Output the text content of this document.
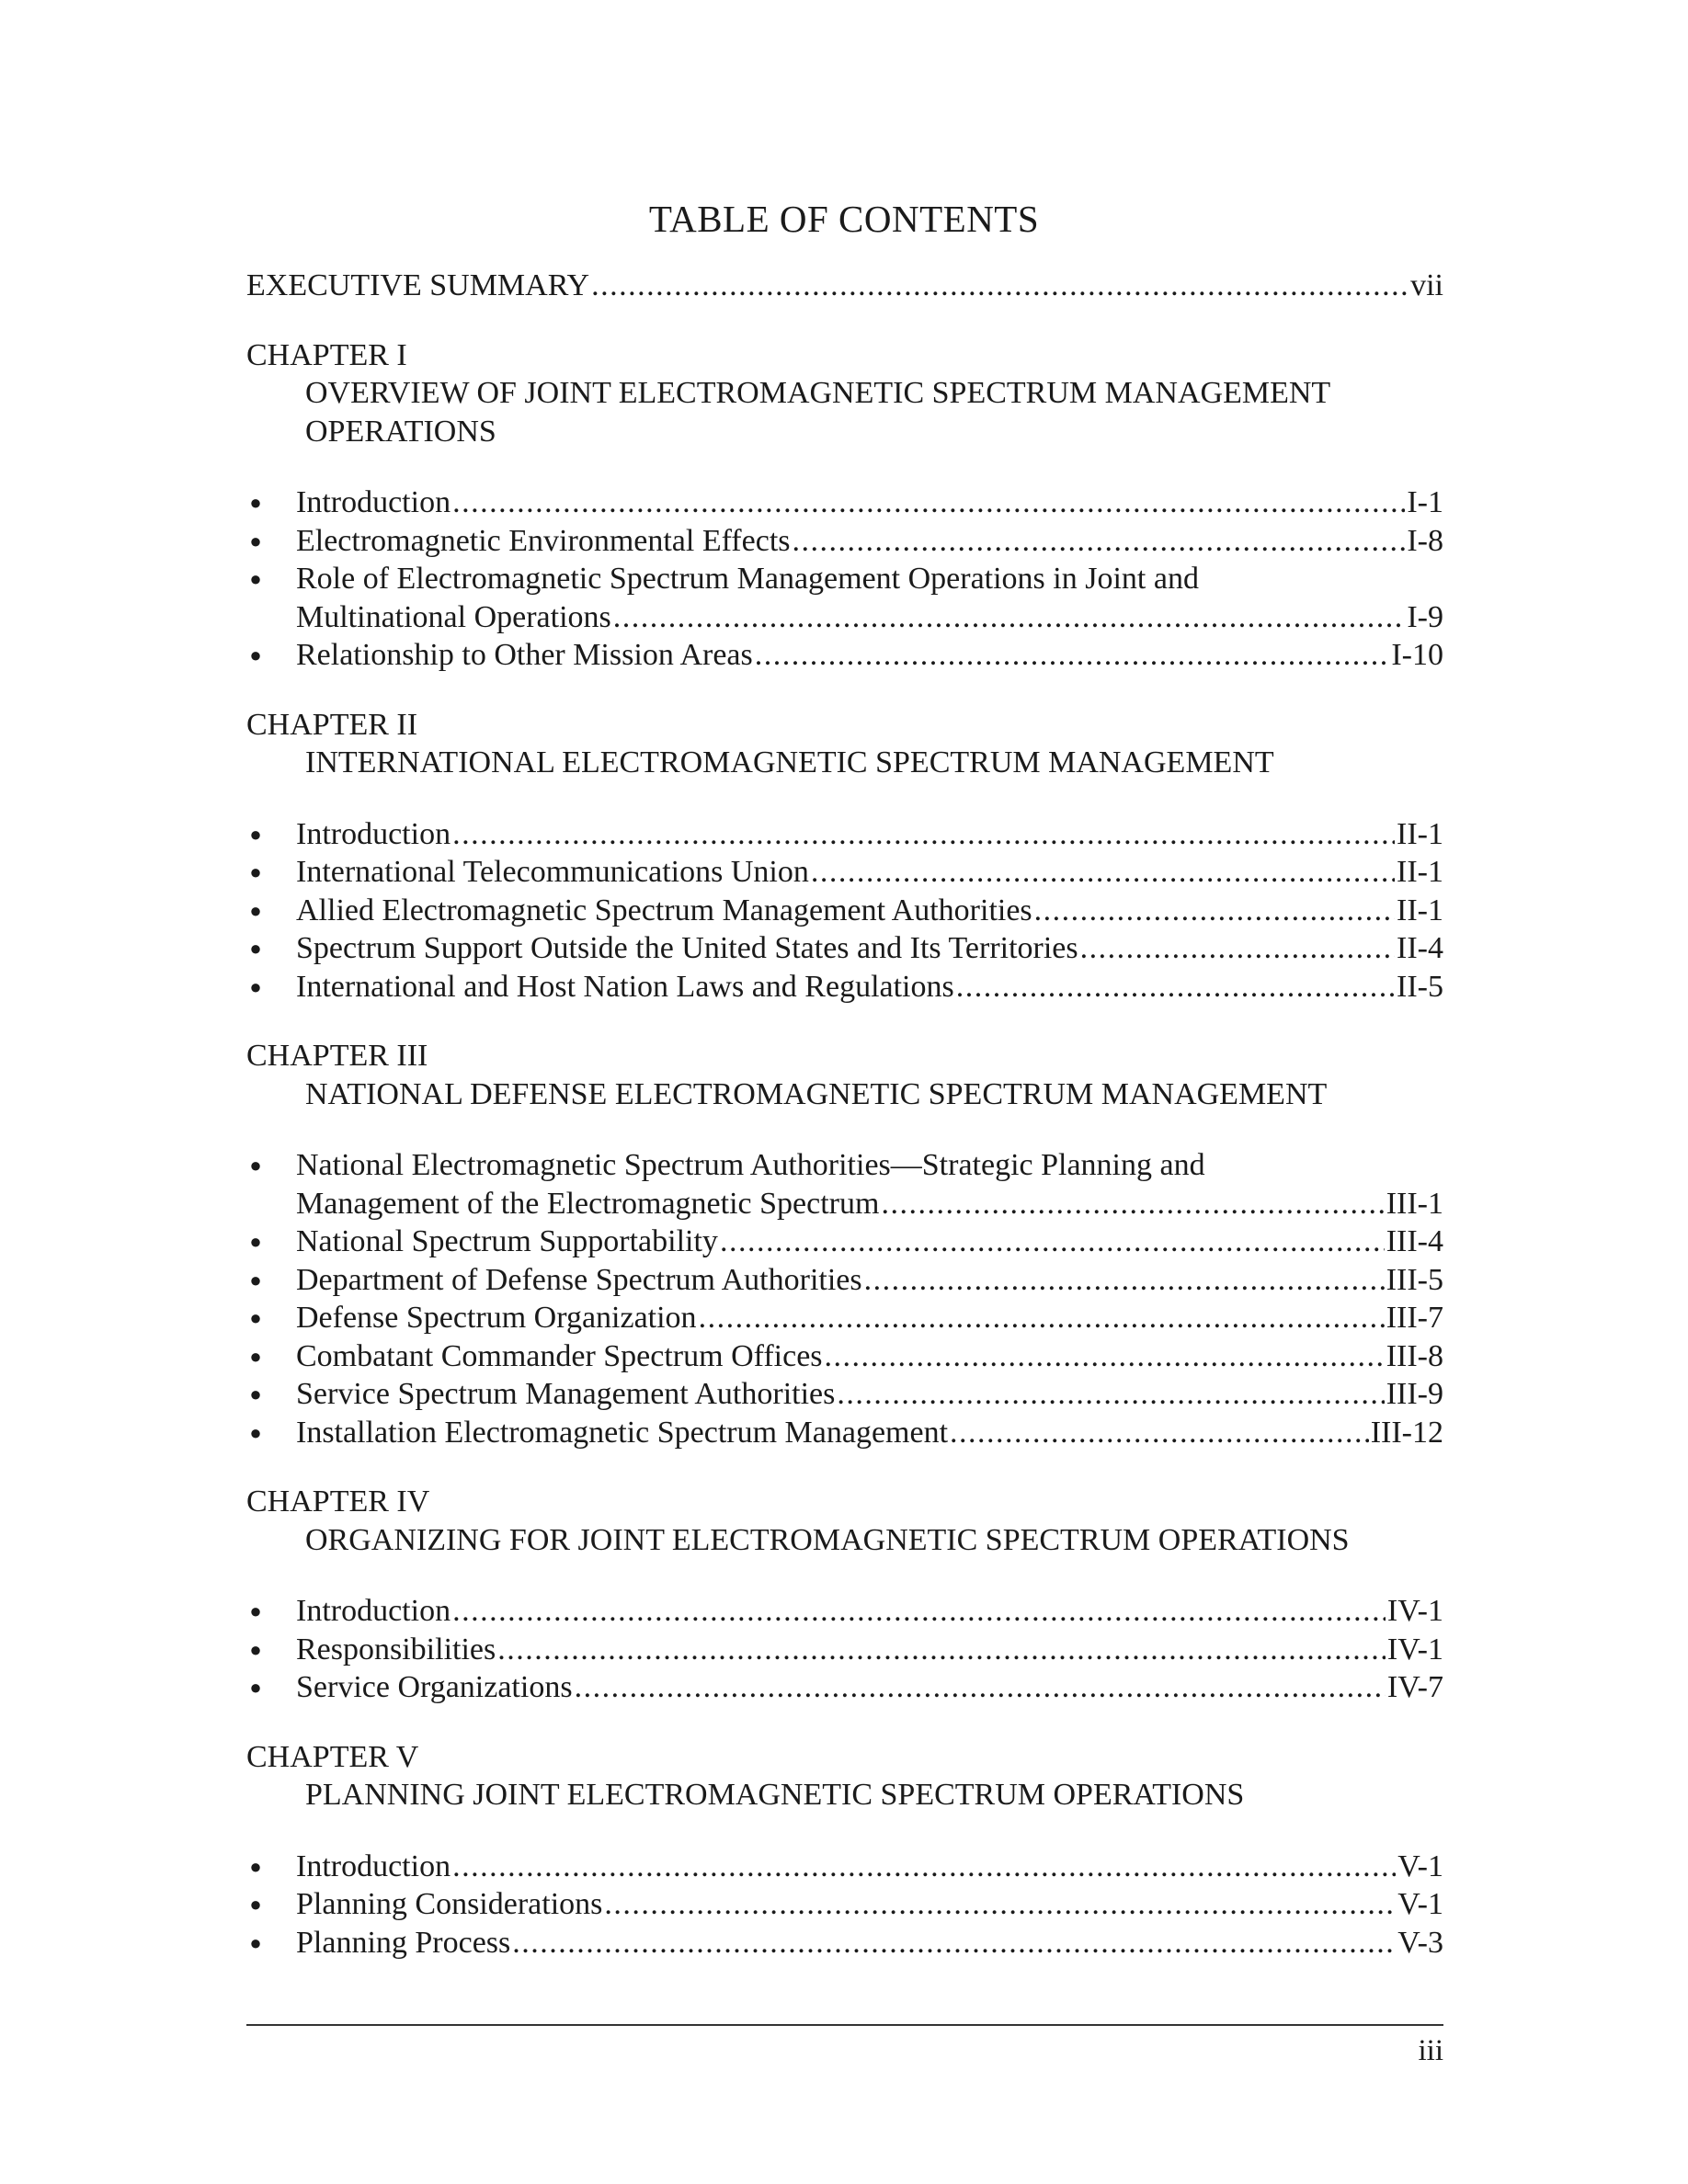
TABLE OF CONTENTS
EXECUTIVE SUMMARY . . .	vii
CHAPTER I
OVERVIEW OF JOINT ELECTROMAGNETIC SPECTRUM MANAGEMENT
OPERATIONS
● Introduction . . .	I-1
● Electromagnetic Environmental Effects . . .	I-8
● Role of Electromagnetic Spectrum Management Operations in Joint and
Multinational Operations . . .	I-9
● Relationship to Other Mission Areas . . .	I-10
CHAPTER II
INTERNATIONAL ELECTROMAGNETIC SPECTRUM MANAGEMENT
● Introduction . . .	II-1
● International Telecommunications Union . . .	II-1
● Allied Electromagnetic Spectrum Management Authorities . . .	II-1
● Spectrum Support Outside the United States and Its Territories . . .	II-4
● International and Host Nation Laws and Regulations . . .	II-5
CHAPTER III
NATIONAL DEFENSE ELECTROMAGNETIC SPECTRUM MANAGEMENT
● National Electromagnetic Spectrum Authorities—Strategic Planning and
Management of the Electromagnetic Spectrum . . .	III-1
● National Spectrum Supportability . . .	III-4
● Department of Defense Spectrum Authorities . . .	III-5
● Defense Spectrum Organization . . .	III-7
● Combatant Commander Spectrum Offices . . .	III-8
● Service Spectrum Management Authorities . . .	III-9
● Installation Electromagnetic Spectrum Management . . .	III-12
CHAPTER IV
ORGANIZING FOR JOINT ELECTROMAGNETIC SPECTRUM OPERATIONS
● Introduction . . .	IV-1
● Responsibilities . . .	IV-1
● Service Organizations . . .	IV-7
CHAPTER V
PLANNING JOINT ELECTROMAGNETIC SPECTRUM OPERATIONS
● Introduction . . .	V-1
● Planning Considerations . . .	V-1
● Planning Process . . .	V-3
iii
